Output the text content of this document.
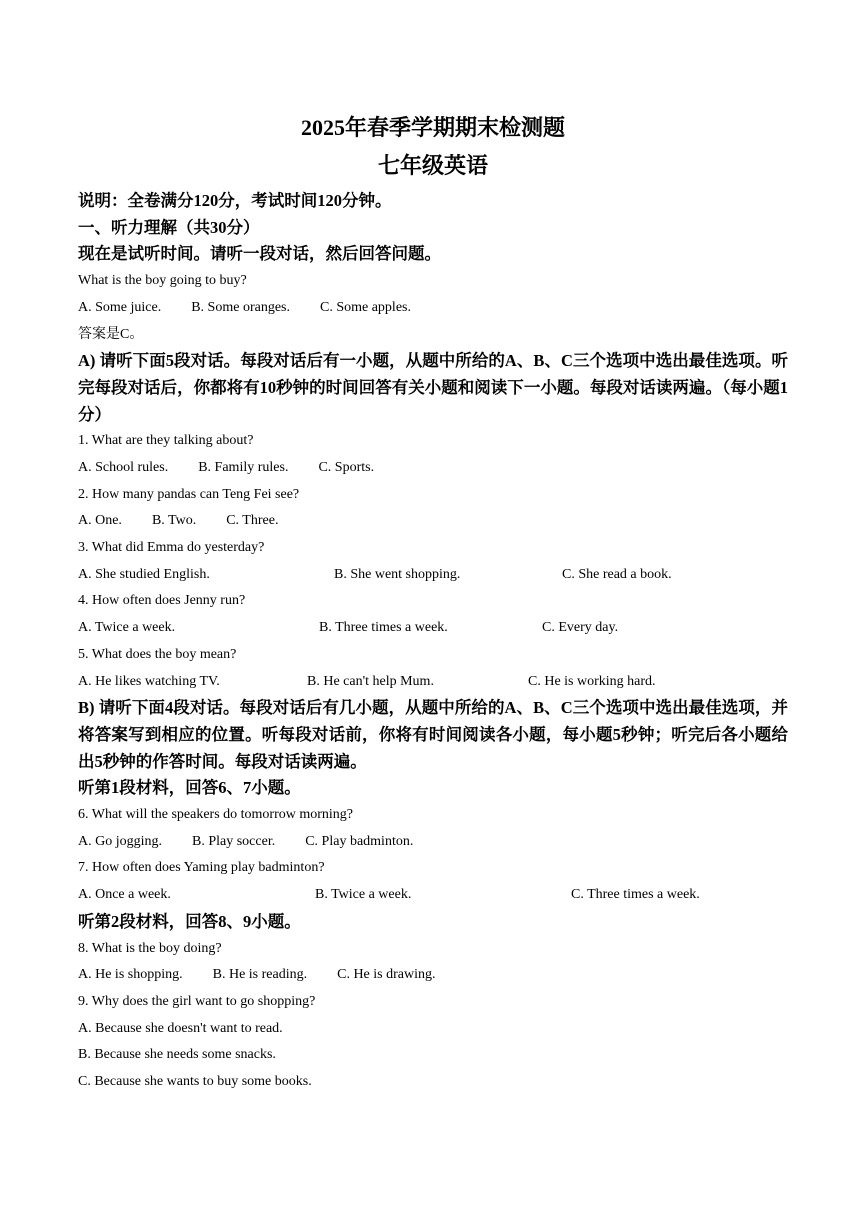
2025年春季学期期末检测题

七年级英语

说明：全卷满分120分，考试时间120分钟。

一、听力理解（共30分）

现在是试听时间。请听一段对话，然后回答问题。

What is the boy going to buy?

A. Some juice. B. Some oranges. C. Some apples.

答案是C。

A) 请听下面5段对话。每段对话后有一小题，从题中所给的A、B、C三个选项中选出最佳选项。听完每段对话后，你都将有10秒钟的时间回答有关小题和阅读下一小题。每段对话读两遍。（每小题1分）

1. What are they talking about?

A. School rules. B. Family rules. C. Sports.

2. How many pandas can Teng Fei see?

A. One. B. Two. C. Three.

3. What did Emma do yesterday?

A. She studied English.	B. She went shopping.	C. She read a book.

4. How often does Jenny run?

A. Twice a week.	B. Three times a week.	C. Every day.

5. What does the boy mean?

A. He likes watching TV.	B. He can't help Mum.	C. He is working hard.

B) 请听下面4段对话。每段对话后有几小题，从题中所给的A、B、C三个选项中选出最佳选项，并将答案写到相应的位置。听每段对话前，你将有时间阅读各小题，每小题5秒钟；听完后各小题给出5秒钟的作答时间。每段对话读两遍。

听第1段材料，回答6、7小题。

6. What will the speakers do tomorrow morning?

A. Go jogging. B. Play soccer. C. Play badminton.

7. How often does Yaming play badminton?

A. Once a week.	B. Twice a week.	C. Three times a week.

听第2段材料，回答8、9小题。

8. What is the boy doing?

A. He is shopping. B. He is reading. C. He is drawing.

9. Why does the girl want to go shopping?

A. Because she doesn't want to read.

B. Because she needs some snacks.

C. Because she wants to buy some books.
